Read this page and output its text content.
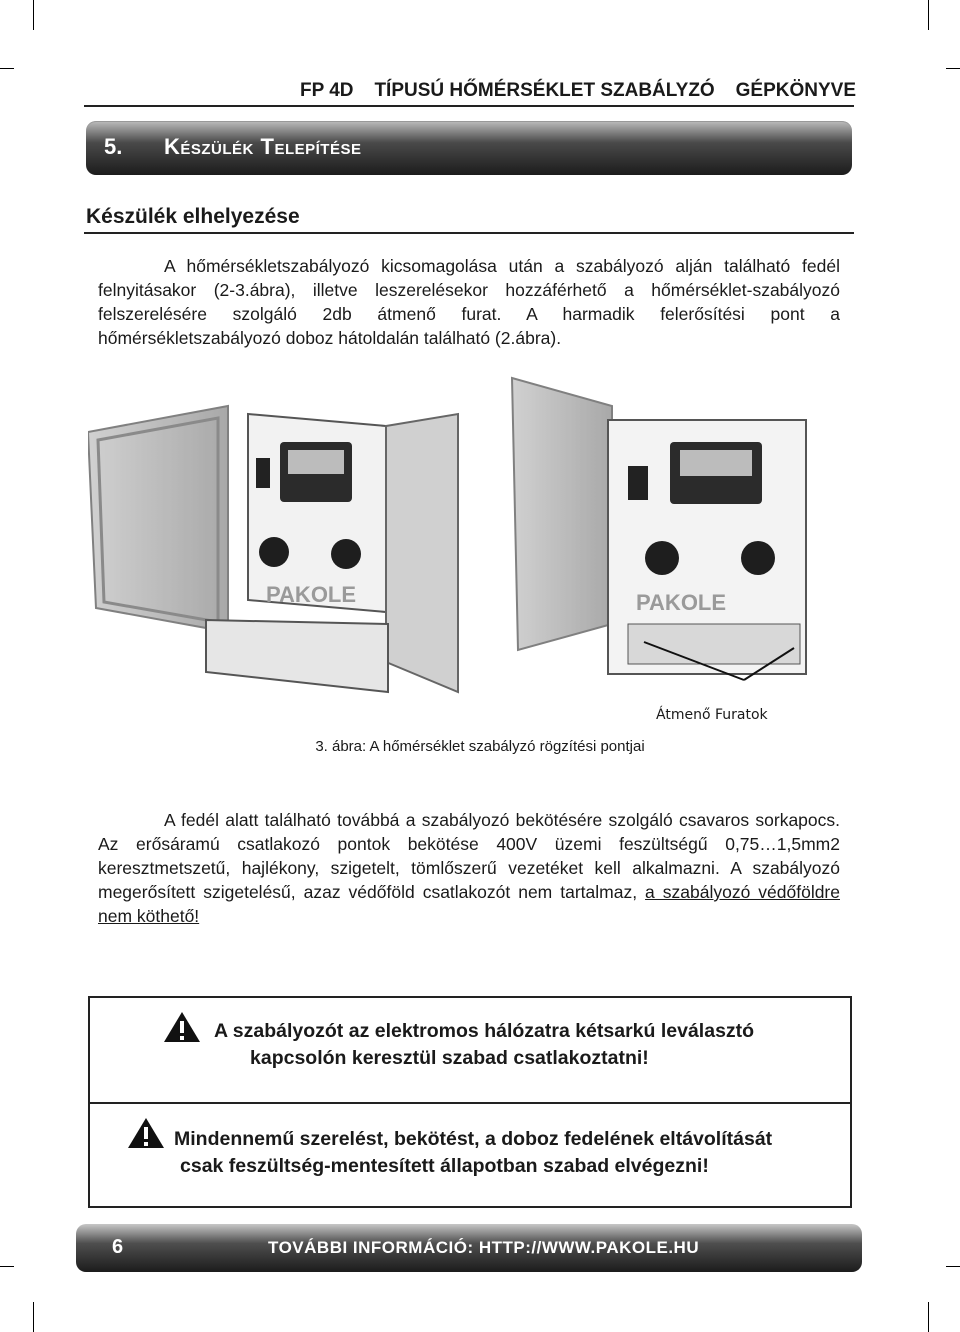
FP 4D TÍPUSÚ HŐMÉRSÉKLET SZABÁLYZÓ GÉPKÖNYVE
5. Készülék Telepítése
Készülék elhelyezése
A hőmérsékletszabályozó kicsomagolása után a szabályozó alján található fedél felnyitásakor (2-3.ábra), illetve leszerelésekor hozzáférhető a hőmérséklet-szabályozó felszerelésére szolgáló 2db átmenő furat. A harmadik felerősítési pont a hőmérsékletszabályozó doboz hátoldalán található (2.ábra).
PAKOLE	PAKOLE
Átmenő Furatok
3. ábra: A hőmérséklet szabályzó rögzítési pontjai
A fedél alatt található továbbá a szabályozó bekötésére szolgáló csavaros sorkapocs. Az erősáramú csatlakozó pontok bekötése 400V üzemi feszültségű 0,75…1,5mm2 keresztmetszetű, hajlékony, szigetelt, tömlőszerű vezetéket kell alkalmazni. A szabályozó megerősített szigetelésű, azaz védőföld csatlakozót nem tartalmaz, a szabályozó védőföldre nem köthető!
A szabályozót az elektromos hálózatra kétsarkú leválasztó
kapcsolón keresztül szabad csatlakoztatni!
Mindennemű szerelést, bekötést, a doboz fedelének eltávolítását
csak feszültség-mentesített állapotban szabad elvégezni!
6	TOVÁBBI INFORMÁCIÓ: HTTP://WWW.PAKOLE.HU
